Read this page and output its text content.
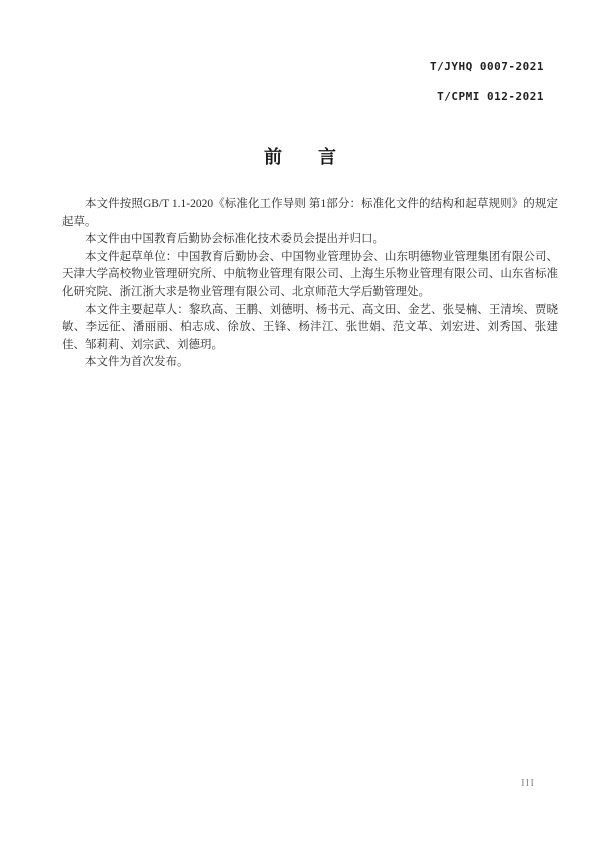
T/JYHQ 0007-2021
T/CPMI 012-2021
前　　言

本文件按照GB/T 1.1-2020《标准化工作导则 第1部分：标准化文件的结构和起草规则》的规定起草。

本文件由中国教育后勤协会标准化技术委员会提出并归口。

本文件起草单位：中国教育后勤协会、中国物业管理协会、山东明德物业管理集团有限公司、天津大学高校物业管理研究所、中航物业管理有限公司、上海生乐物业管理有限公司、山东省标准化研究院、浙江浙大求是物业管理有限公司、北京师范大学后勤管理处。

本文件主要起草人：黎玖高、王鹏、刘德明、杨书元、高文田、金艺、张旻楠、王清埃、贾晓敏、李远征、潘丽丽、柏志成、徐放、王锋、杨沣江、张世娟、范文革、刘宏进、刘秀国、张建佳、邹莉莉、刘宗武、刘德玥。

本文件为首次发布。

III
